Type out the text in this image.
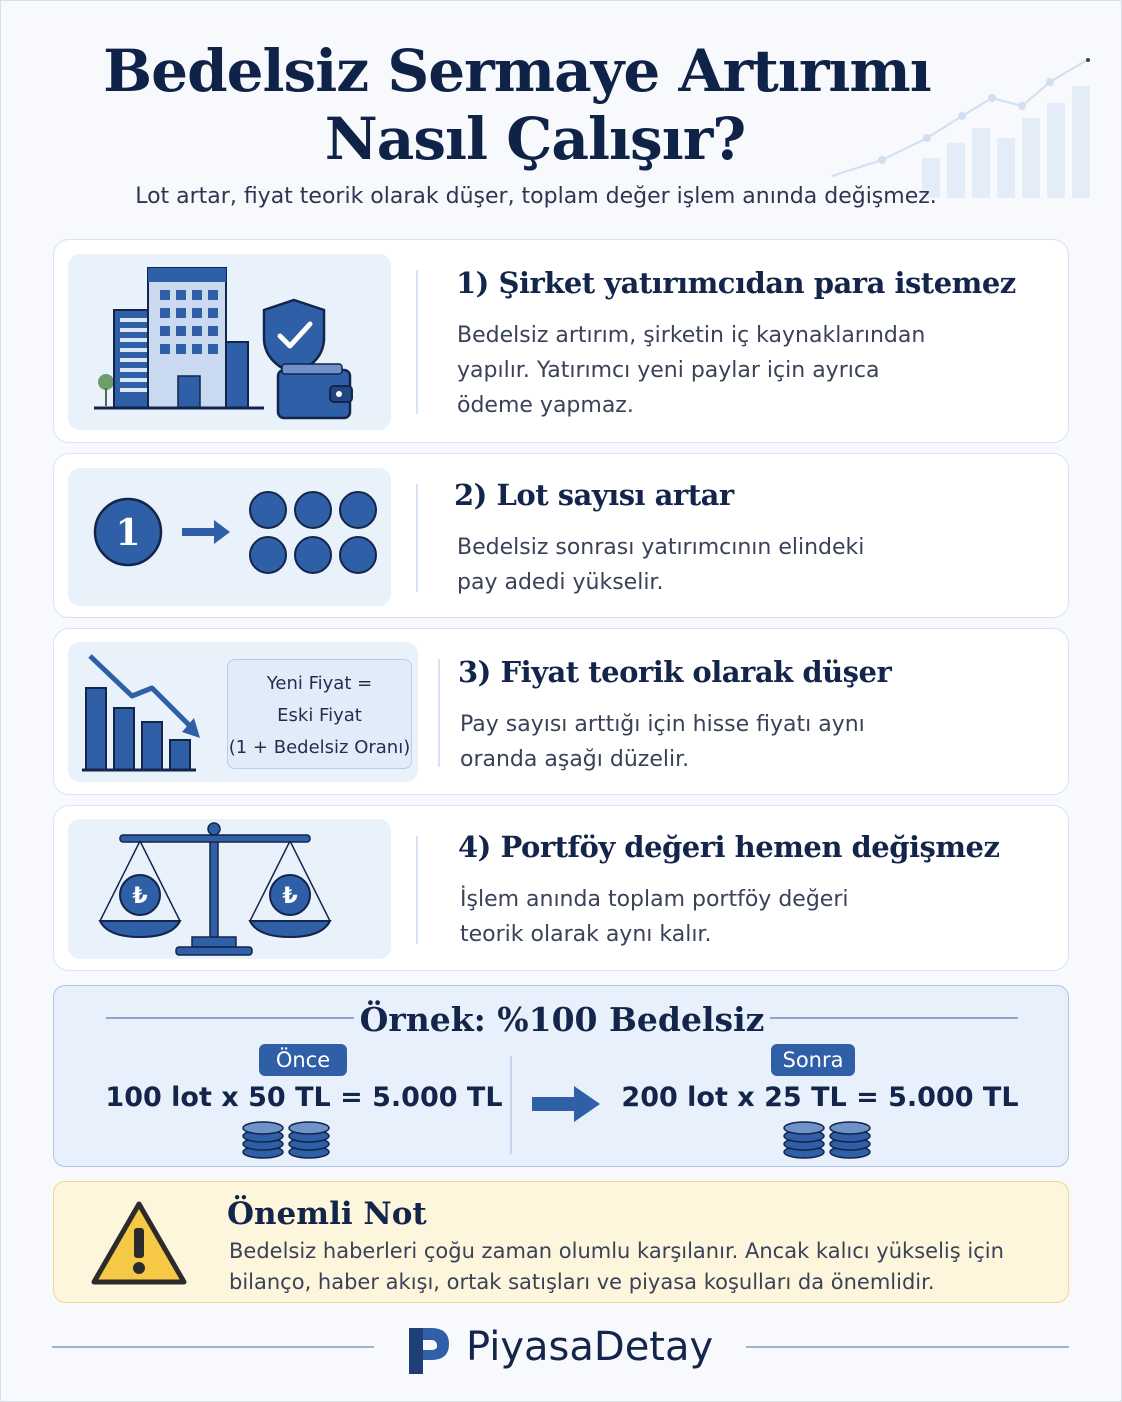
Bedelsiz Sermaye Artırımı
Nasıl Çalışır?
Lot artar, fiyat teorik olarak düşer, toplam değer işlem anında değişmez.
1) Şirket yatırımcıdan para istemez
Bedelsiz artırım, şirketin iç kaynaklarından yapılır. Yatırımcı yeni paylar için ayrıca ödeme yapmaz.
1
2) Lot sayısı artar
Bedelsiz sonrası yatırımcının elindeki pay adedi yükselir.
Yeni Fiyat =
Eski Fiyat
(1 + Bedelsiz Oranı)
3) Fiyat teorik olarak düşer
Pay sayısı arttığı için hisse fiyatı aynı oranda aşağı düzelir.
₺	₺
4) Portföy değeri hemen değişmez
İşlem anında toplam portföy değeri teorik olarak aynı kalır.
Örnek: %100 Bedelsiz
Önce
100 lot x 50 TL = 5.000 TL
Sonra
200 lot x 25 TL = 5.000 TL
Önemli Not
Bedelsiz haberleri çoğu zaman olumlu karşılanır. Ancak kalıcı yükseliş için bilanço, haber akışı, ortak satışları ve piyasa koşulları da önemlidir.
PiyasaDetay
